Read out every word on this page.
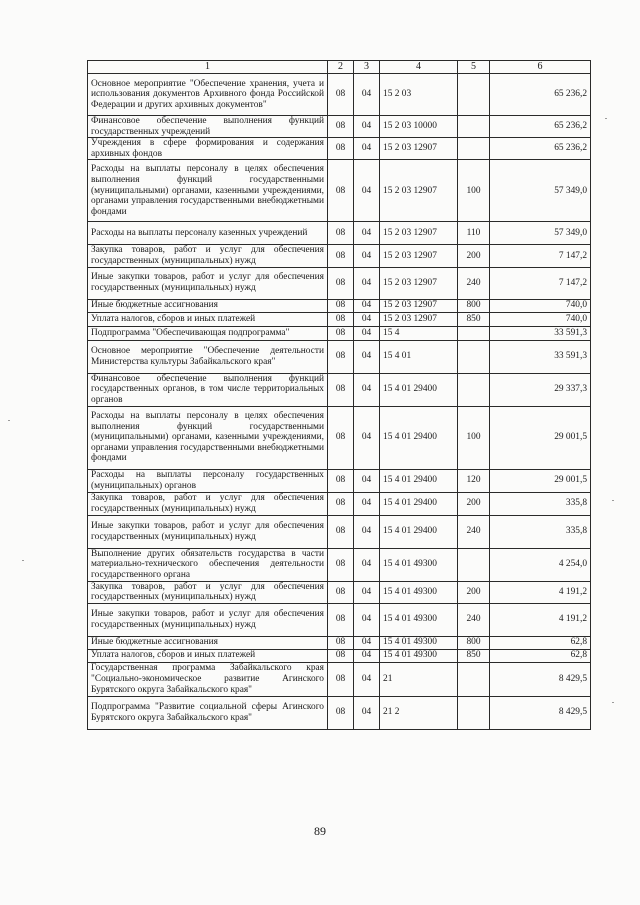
1	2	3	4	5	6
Основное мероприятие "Обеспечение хранения, учета и использования документов Архивного фонда Российской Федерации и других архивных документов"	08	04	15 2 03		65 236,2
Финансовое обеспечение выполнения функций государственных учреждений	08	04	15 2 03 10000		65 236,2
Учреждения в сфере формирования и содержания архивных фондов	08	04	15 2 03 12907		65 236,2
Расходы на выплаты персоналу в целях обеспечения выполнения функций государственными (муниципальными) органами, казенными учреждениями, органами управления государственными внебюджетными фондами	08	04	15 2 03 12907	100	57 349,0
Расходы на выплаты персоналу казенных учреждений	08	04	15 2 03 12907	110	57 349,0
Закупка товаров, работ и услуг для обеспечения государственных (муниципальных) нужд	08	04	15 2 03 12907	200	7 147,2
Иные закупки товаров, работ и услуг для обеспечения государственных (муниципальных) нужд	08	04	15 2 03 12907	240	7 147,2
Иные бюджетные ассигнования	08	04	15 2 03 12907	800	740,0
Уплата налогов, сборов и иных платежей	08	04	15 2 03 12907	850	740,0
Подпрограмма "Обеспечивающая подпрограмма"	08	04	15 4		33 591,3
Основное мероприятие "Обеспечение деятельности Министерства культуры Забайкальского края"	08	04	15 4 01		33 591,3
Финансовое обеспечение выполнения функций государственных органов, в том числе территориальных органов	08	04	15 4 01 29400		29 337,3
Расходы на выплаты персоналу в целях обеспечения выполнения функций государственными (муниципальными) органами, казенными учреждениями, органами управления государственными внебюджетными фондами	08	04	15 4 01 29400	100	29 001,5
Расходы на выплаты персоналу государственных (муниципальных) органов	08	04	15 4 01 29400	120	29 001,5
Закупка товаров, работ и услуг для обеспечения государственных (муниципальных) нужд	08	04	15 4 01 29400	200	335,8
Иные закупки товаров, работ и услуг для обеспечения государственных (муниципальных) нужд	08	04	15 4 01 29400	240	335,8
Выполнение других обязательств государства в части материально-технического обеспечения деятельности государственного органа	08	04	15 4 01 49300		4 254,0
Закупка товаров, работ и услуг для обеспечения государственных (муниципальных) нужд	08	04	15 4 01 49300	200	4 191,2
Иные закупки товаров, работ и услуг для обеспечения государственных (муниципальных) нужд	08	04	15 4 01 49300	240	4 191,2
Иные бюджетные ассигнования	08	04	15 4 01 49300	800	62,8
Уплата налогов, сборов и иных платежей	08	04	15 4 01 49300	850	62,8
Государственная программа Забайкальского края "Социально-экономическое развитие Агинского Бурятского округа Забайкальского края"	08	04	21		8 429,5
Подпрограмма "Развитие социальной сферы Агинского Бурятского округа Забайкальского края"	08	04	21 2		8 429,5
89
